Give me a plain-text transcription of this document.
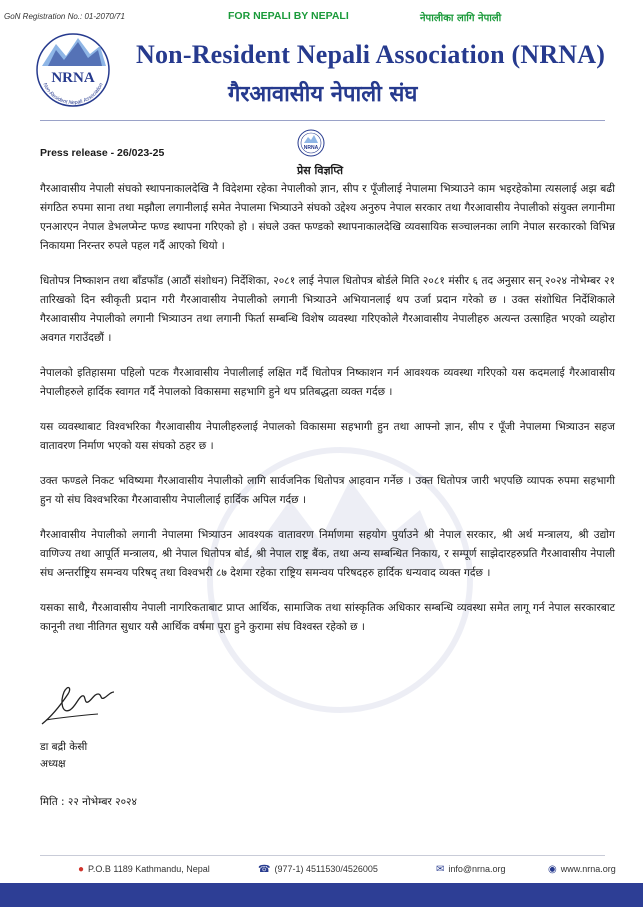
GoN Registration No.: 01-2070/71	FOR NEPALI BY NEPALI	नेपालीका लागि नेपाली
NRNA
Non-Resident Nepali Association
Non-Resident Nepali Association (NRNA)
गैरआवासीय नेपाली संघ
NRNA
Press release - 26/023-25
प्रेस विज्ञप्ति

गैरआवासीय नेपाली संघको स्थापनाकालदेखि नै विदेशमा रहेका नेपालीको ज्ञान, सीप र पूँजीलाई नेपालमा भित्र्याउने काम भइरहेकोमा त्यसलाई अझ बढी संगठित रुपमा साना तथा मझौला लगानीलाई समेत नेपालमा भित्र्याउने संघको उद्देश्य अनुरुप नेपाल सरकार तथा गैरआवासीय नेपालीको संयुक्त लगानीमा एनआरएन नेपाल डेभलप्मेन्ट फण्ड स्थापना गरिएको हो । संघले उक्त फण्डको स्थापनाकालदेखि व्यवसायिक सञ्चालनका लागि नेपाल सरकारको विभिन्न निकायमा निरन्तर रुपले पहल गर्दै आएको थियो ।

धितोपत्र निष्काशन तथा बाँडफाँड (आठौं संशोधन) निर्देशिका, २०८१ लाई नेपाल धितोपत्र बोर्डले मिति २०८१ मंसीर ६ तद अनुसार सन् २०२४ नोभेम्बर २१ तारिखको दिन स्वीकृती प्रदान गरी गैरआवासीय नेपालीको लगानी भित्र्याउने अभियानलाई थप उर्जा प्रदान गरेको छ । उक्त संशोधित निर्देशिकाले गैरआवासीय नेपालीको लगानी भित्र्याउन तथा लगानी फिर्ता सम्बन्धि विशेष व्यवस्था गरिएकोले गैरआवासीय नेपालीहरु अत्यन्त उत्साहित भएको व्यहोरा अवगत गराउँदछौं ।

नेपालको इतिहासमा पहिलो पटक गैरआवासीय नेपालीलाई लक्षित गर्दै धितोपत्र निष्काशन गर्न आवश्यक व्यवस्था गरिएको यस कदमलाई गैरआवासीय नेपालीहरुले हार्दिक स्वागत गर्दै नेपालको विकासमा सहभागि हुने थप प्रतिबद्धता व्यक्त गर्दछ ।

यस व्यवस्थाबाट विश्वभरिका गैरआवासीय नेपालीहरुलाई नेपालको विकासमा सहभागी हुन तथा आफ्नो ज्ञान, सीप र पूँजी नेपालमा भित्र्याउन सहज वातावरण निर्माण भएको यस संघको ठहर छ ।

उक्त फण्डले निकट भविष्यमा गैरआवासीय नेपालीको लागि सार्वजनिक धितोपत्र आहवान गर्नेछ । उक्त धितोपत्र जारी भएपछि व्यापक रुपमा सहभागी हुन यो संघ विश्वभरिका गैरआवासीय नेपालीलाई हार्दिक अपिल गर्दछ ।

गैरआवासीय नेपालीको लगानी नेपालमा भित्र्याउन आवश्यक वातावरण निर्माणमा सहयोग पुर्याउने श्री नेपाल सरकार, श्री अर्थ मन्त्रालय, श्री उद्योग वाणिज्य तथा आपूर्ति मन्त्रालय, श्री नेपाल धितोपत्र बोर्ड, श्री नेपाल राष्ट्र बैंक, तथा अन्य सम्बन्धित निकाय, र सम्पूर्ण साझेदारहरुप्रति गैरआवासीय नेपाली संघ अन्तर्राष्ट्रिय समन्वय परिषद् तथा विश्वभरी ८७ देशमा रहेका राष्ट्रिय समन्वय परिषदहरु हार्दिक धन्यवाद व्यक्त गर्दछ ।

यसका साथै, गैरआवासीय नेपाली नागरिकताबाट प्राप्त आर्थिक, सामाजिक तथा सांस्कृतिक अधिकार सम्बन्धि व्यवस्था समेत लागू गर्न नेपाल सरकारबाट कानूनी तथा नीतिगत सुधार यसै आर्थिक वर्षमा पूरा हुने कुरामा संघ विश्वस्त रहेको छ ।

डा बद्री केसी
अध्यक्ष
मिति : २२ नोभेम्बर २०२४
● P.O.B 1189 Kathmandu, Nepal	☎ (977-1) 4511530/4526005	✉ info@nrna.org	◉ www.nrna.org
